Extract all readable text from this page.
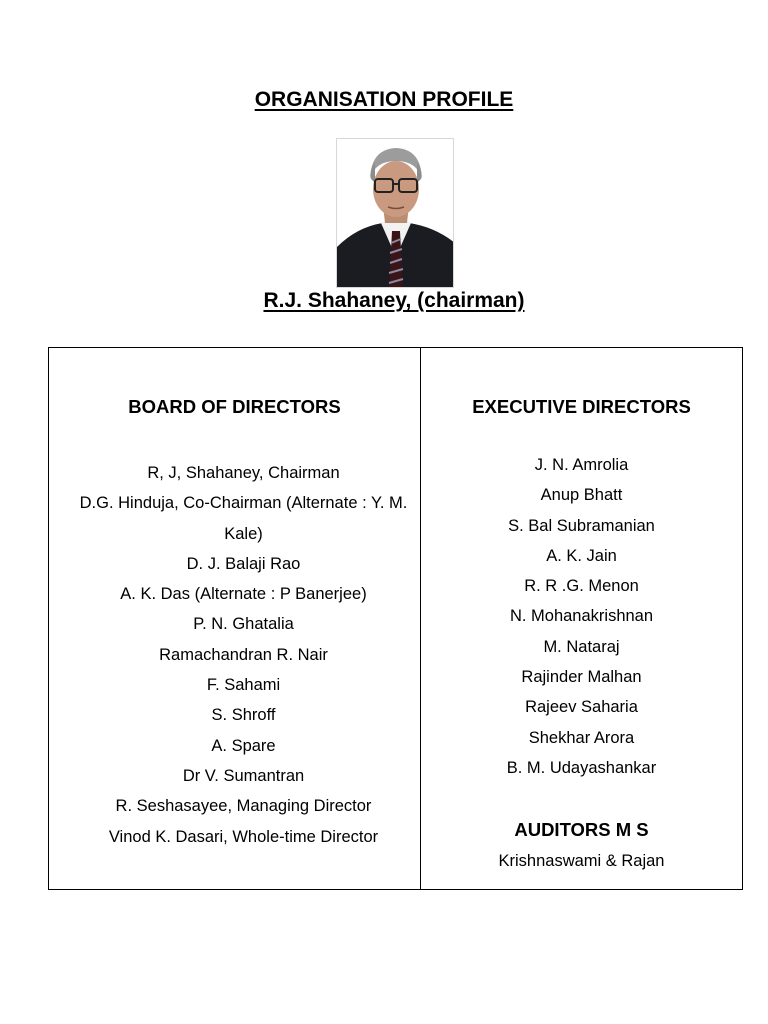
ORGANISATION PROFILE
R.J. Shahaney, (chairman)
BOARD OF DIRECTORS
R, J, Shahaney, Chairman
D.G. Hinduja, Co-Chairman (Alternate : Y. M.
Kale)
D. J. Balaji Rao
A. K. Das (Alternate : P Banerjee)
P. N. Ghatalia
Ramachandran R. Nair
F. Sahami
S. Shroff
A. Spare
Dr V. Sumantran
R. Seshasayee, Managing Director
Vinod K. Dasari, Whole-time Director
EXECUTIVE DIRECTORS
J. N. Amrolia
Anup Bhatt
S. Bal Subramanian
A. K. Jain
R. R .G. Menon
N. Mohanakrishnan
M. Nataraj
Rajinder Malhan
Rajeev Saharia
Shekhar Arora
B. M. Udayashankar
AUDITORS M S
Krishnaswami & Rajan
